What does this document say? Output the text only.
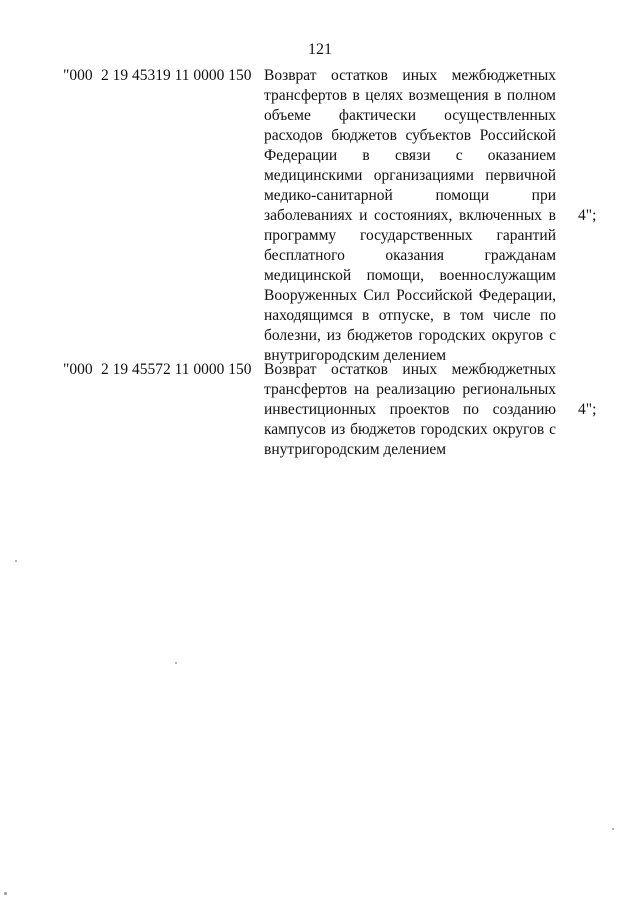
121
"000 2 19 45319 11 0000 150 Возврат остатков иных межбюджетных трансфертов в целях возмещения в полном объеме фактически осуществленных расходов бюджетов субъектов Российской Федерации в связи с оказанием медицинскими организациями первичной медико-санитарной помощи при заболеваниях и состояниях, включенных в программу государственных гарантий бесплатного оказания гражданам медицинской помощи, военнослужащим Вооруженных Сил Российской Федерации, находящимся в отпуске, в том числе по болезни, из бюджетов городских округов с внутригородским делением
4";
"000 2 19 45572 11 0000 150 Возврат остатков иных межбюджетных трансфертов на реализацию региональных инвестиционных проектов по созданию кампусов из бюджетов городских округов с внутригородским делением
4";
